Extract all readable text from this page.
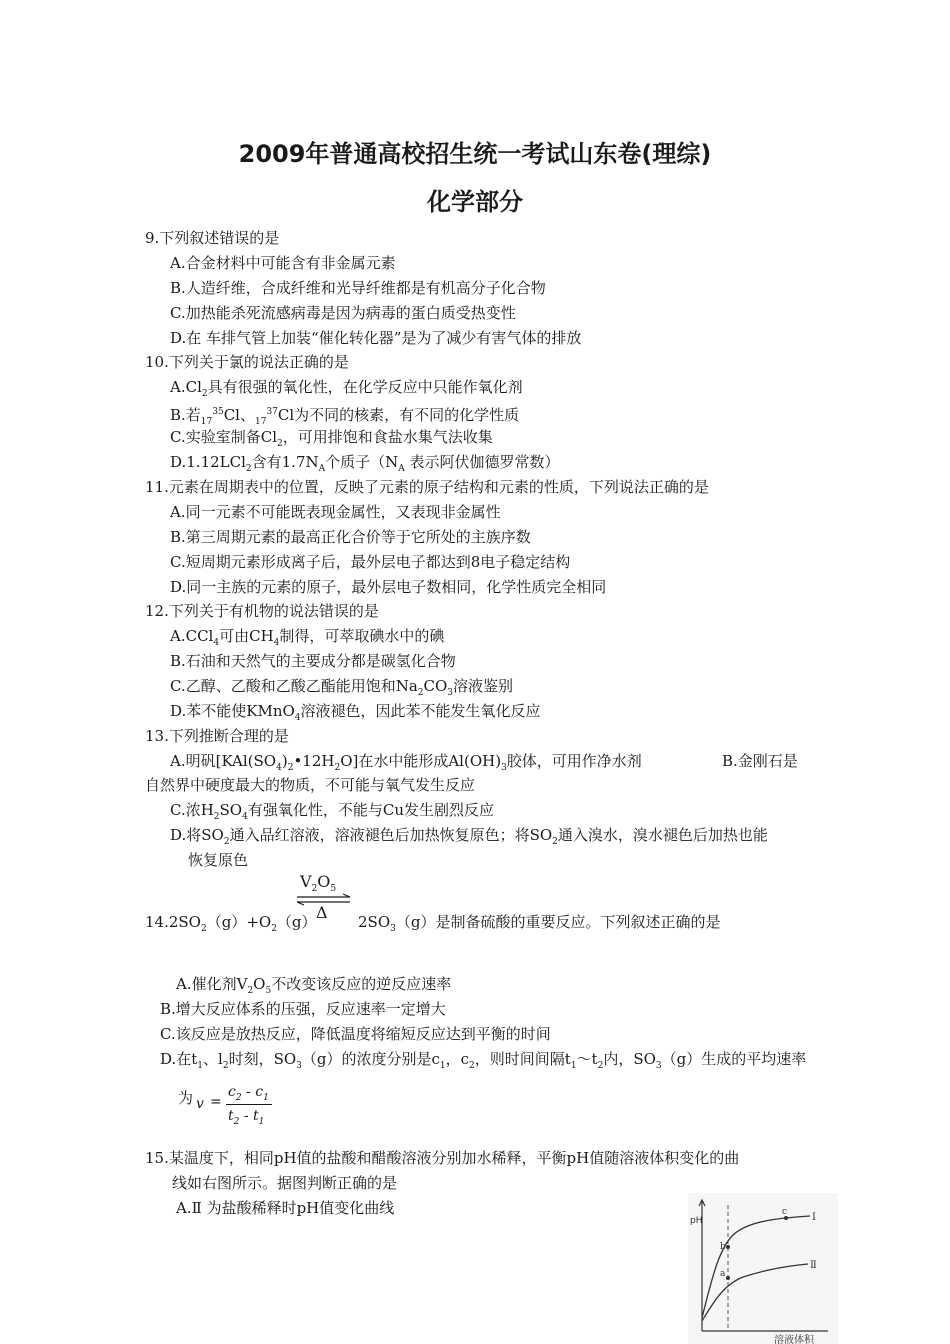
2009年普通高校招生统一考试山东卷(理综)
化学部分
9.下列叙述错误的是
A.合金材料中可能含有非金属元素
B.人造纤维，合成纤维和光导纤维都是有机高分子化合物
C.加热能杀死流感病毒是因为病毒的蛋白质受热变性
D.在 车排气管上加装“催化转化器”是为了减少有害气体的排放
10.下列关于氯的说法正确的是
$A.Cl_2$具有很强的氧化性，在化学反应中只能作氧化剂
B.若$_{17}^{35}$Cl、$_{17}^{37}$Cl为不同的核素，有不同的化学性质
C.实验室制备$Cl_2$，可用排饱和食盐水集气法收集
D.1.12LCl$_2$含有$1.7N_A$个质子（$N_A$ 表示阿伏伽德罗常数）
11.元素在周期表中的位置，反映了元素的原子结构和元素的性质，下列说法正确的是
A.同一元素不可能既表现金属性，又表现非金属性
B.第三周期元素的最高正化合价等于它所处的主族序数
C.短周期元素形成离子后，最外层电子都达到8电子稳定结构
D.同一主族的元素的原子，最外层电子数相同，化学性质完全相同
12.下列关于有机物的说法错误的是
A.CCl$_4$可由$CH_4$制得，可萃取碘水中的碘
B.石油和天然气的主要成分都是碳氢化合物
C.乙醇、乙酸和乙酸乙酯能用饱和$Na_2CO_3$溶液鉴别
D.苯不能使KMnO$_4$溶液褪色，因此苯不能发生氧化反应
13.下列推断合理的是
A.明矾$[KAl(SO_4)_2•12H_2O]$在水中能形成$Al(OH)_3$胶体，可用作净水剂	B.金刚石是
自然界中硬度最大的物质，不可能与氧气发生反应
C.浓$H_2SO_4$有强氧化性，不能与Cu发生剧烈反应
D.将$SO_2$通入品红溶液，溶液褪色后加热恢复原色；将$SO_2$通入溴水，溴水褪色后加热也能
恢复原色
$V_2O_5$
Δ
$14.2SO_2(g)+O_2(g)$	$2SO_3(g)$是制备硫酸的重要反应。下列叙述正确的是
A.催化剂$V_2O_5$不改变该反应的逆反应速率
B.增大反应体系的压强，反应速率一定增大
C.该反应是放热反应，降低温度将缩短反应达到平衡的时间
D.在$t_1$、$l_2$时刻，$SO_3(g)$的浓度分别是$c_1$，$c_2$，则时间间隔$t_1\sim t_2$内，$SO_3(g)$生成的平均速率
为 v =
$c_2 - c_1$
$t_2 - t_1$
15.某温度下，相同pH值的盐酸和醋酸溶液分别加水稀释，平衡pH值随溶液体积变化的曲
线如右图所示。据图判断正确的是
A.Ⅱ 为盐酸稀释时pH值变化曲线
pH
b
a
c Ⅰ
Ⅱ
溶液体积
